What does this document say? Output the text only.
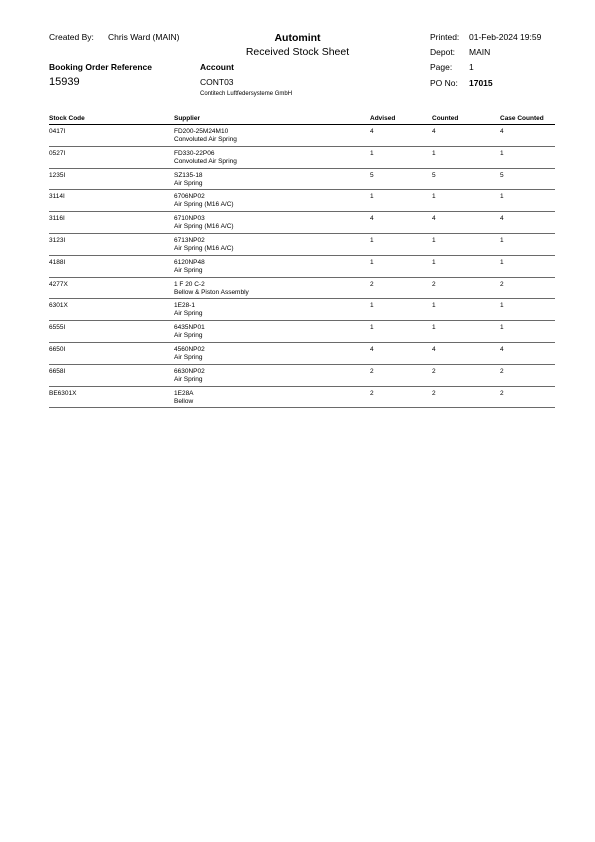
Created By: Chris Ward (MAIN)	Automint
Received Stock Sheet
Printed: 01-Feb-2024 19:59
Depot: MAIN
Booking Order Reference	Account	Page: 1
15939	CONT03	PO No: 17015
Contitech Luftfedersysteme GmbH
Stock Code	Supplier	Advised	Counted	Case Counted
0417I	FD200-25M24M10
Convoluted Air Spring
4	4	4
0527I	FD330-22P06
Convoluted Air Spring
1	1	1
1235I	SZ135-18
Air Spring
5	5	5
3114I	6706NP02
Air Spring (M16 A/C)
1	1	1
3116I	6710NP03
Air Spring (M16 A/C)
4	4	4
3123I	6713NP02
Air Spring (M16 A/C)
1	1	1
4188I	6120NP48
Air Spring
1	1	1
4277X	1 F 20 C-2
Bellow & Piston Assembly
2	2	2
6301X	1E28-1
Air Spring
1	1	1
6555I	6435NP01
Air Spring
1	1	1
6650I	4560NP02
Air Spring
4	4	4
6658I	6630NP02
Air Spring
2	2	2
BE6301X	1E28A
Bellow
2	2	2
